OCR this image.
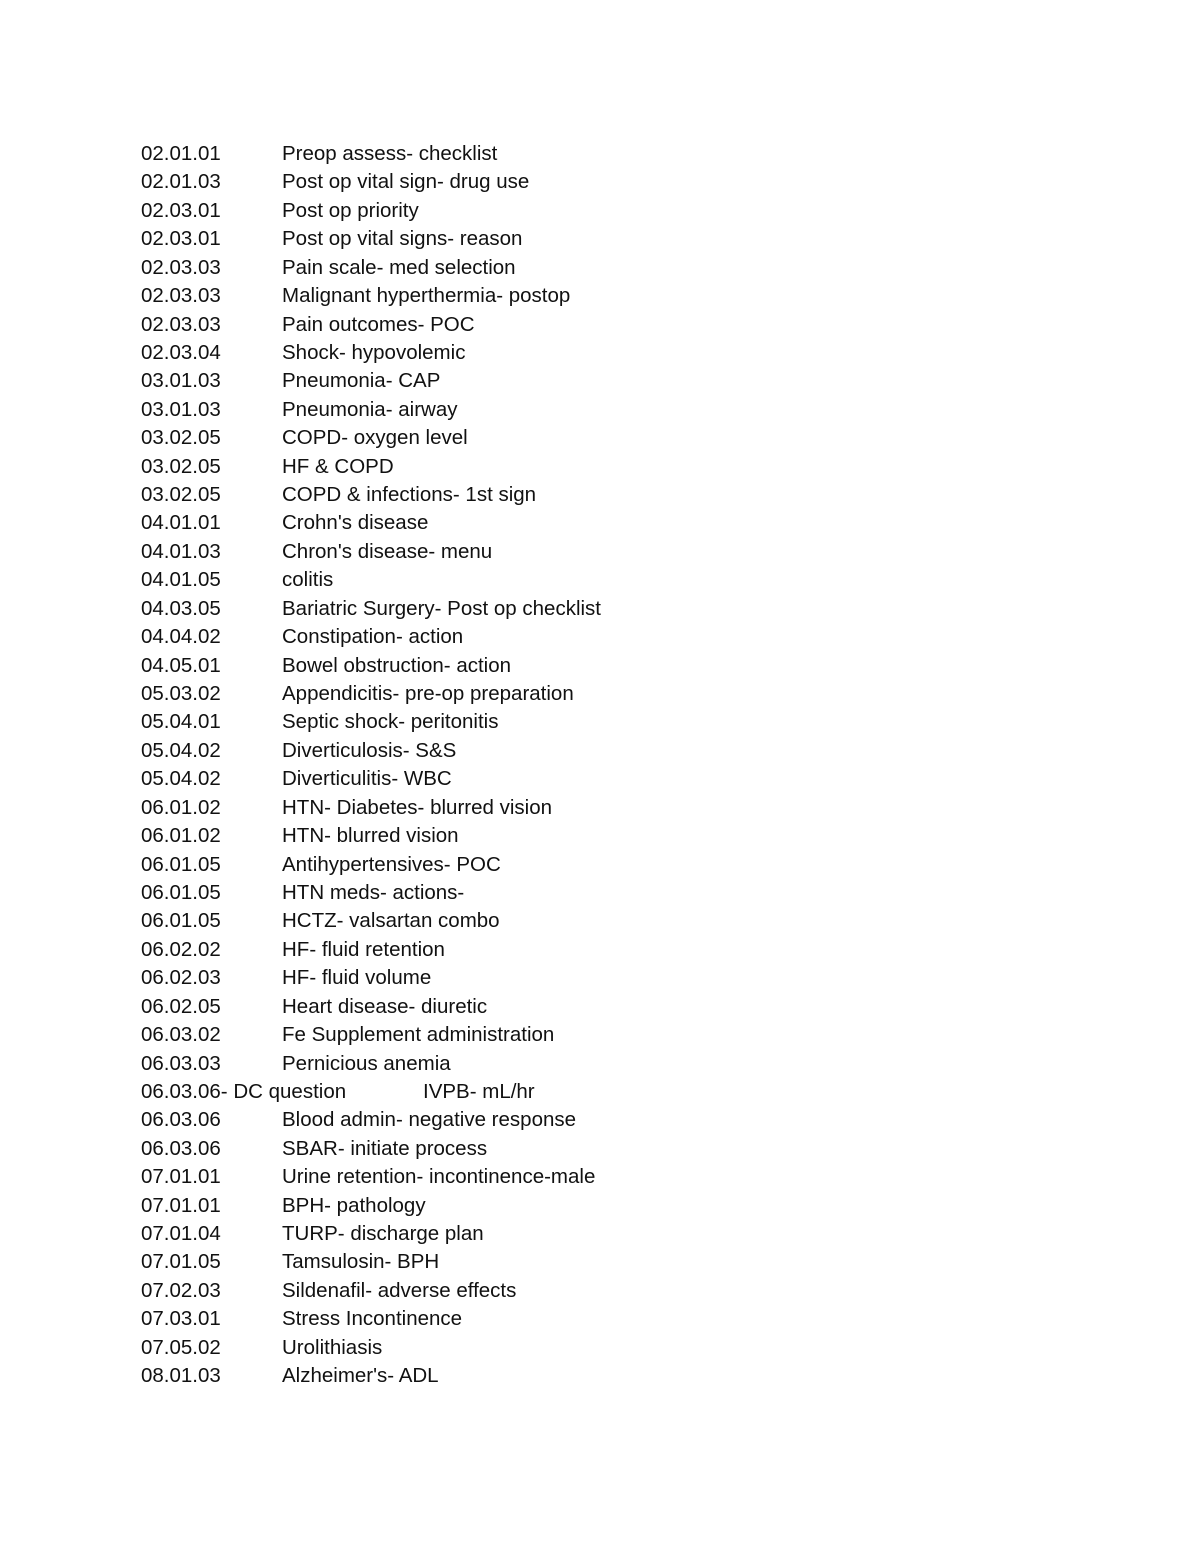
02.01.01	Preop assess- checklist
02.01.03	Post op vital sign- drug use
02.03.01	Post op priority
02.03.01	Post op vital signs- reason
02.03.03	Pain scale- med selection
02.03.03	Malignant hyperthermia- postop
02.03.03	Pain outcomes- POC
02.03.04	Shock- hypovolemic
03.01.03	Pneumonia- CAP
03.01.03	Pneumonia- airway
03.02.05	COPD- oxygen level
03.02.05	HF & COPD
03.02.05	COPD & infections- 1st sign
04.01.01	Crohn's disease
04.01.03	Chron's disease- menu
04.01.05	colitis
04.03.05	Bariatric Surgery- Post op checklist
04.04.02	Constipation- action
04.05.01	Bowel obstruction- action
05.03.02	Appendicitis- pre-op preparation
05.04.01	Septic shock- peritonitis
05.04.02	Diverticulosis- S&S
05.04.02	Diverticulitis- WBC
06.01.02	HTN- Diabetes- blurred vision
06.01.02	HTN- blurred vision
06.01.05	Antihypertensives- POC
06.01.05	HTN meds- actions-
06.01.05	HCTZ- valsartan combo
06.02.02	HF- fluid retention
06.02.03	HF- fluid volume
06.02.05	Heart disease- diuretic
06.03.02	Fe Supplement administration
06.03.03	Pernicious anemia
06.03.06- DC question	IVPB- mL/hr
06.03.06	Blood admin- negative response
06.03.06	SBAR- initiate process
07.01.01	Urine retention- incontinence-male
07.01.01	BPH- pathology
07.01.04	TURP- discharge plan
07.01.05	Tamsulosin- BPH
07.02.03	Sildenafil- adverse effects
07.03.01	Stress Incontinence
07.05.02	Urolithiasis
08.01.03	Alzheimer's- ADL
